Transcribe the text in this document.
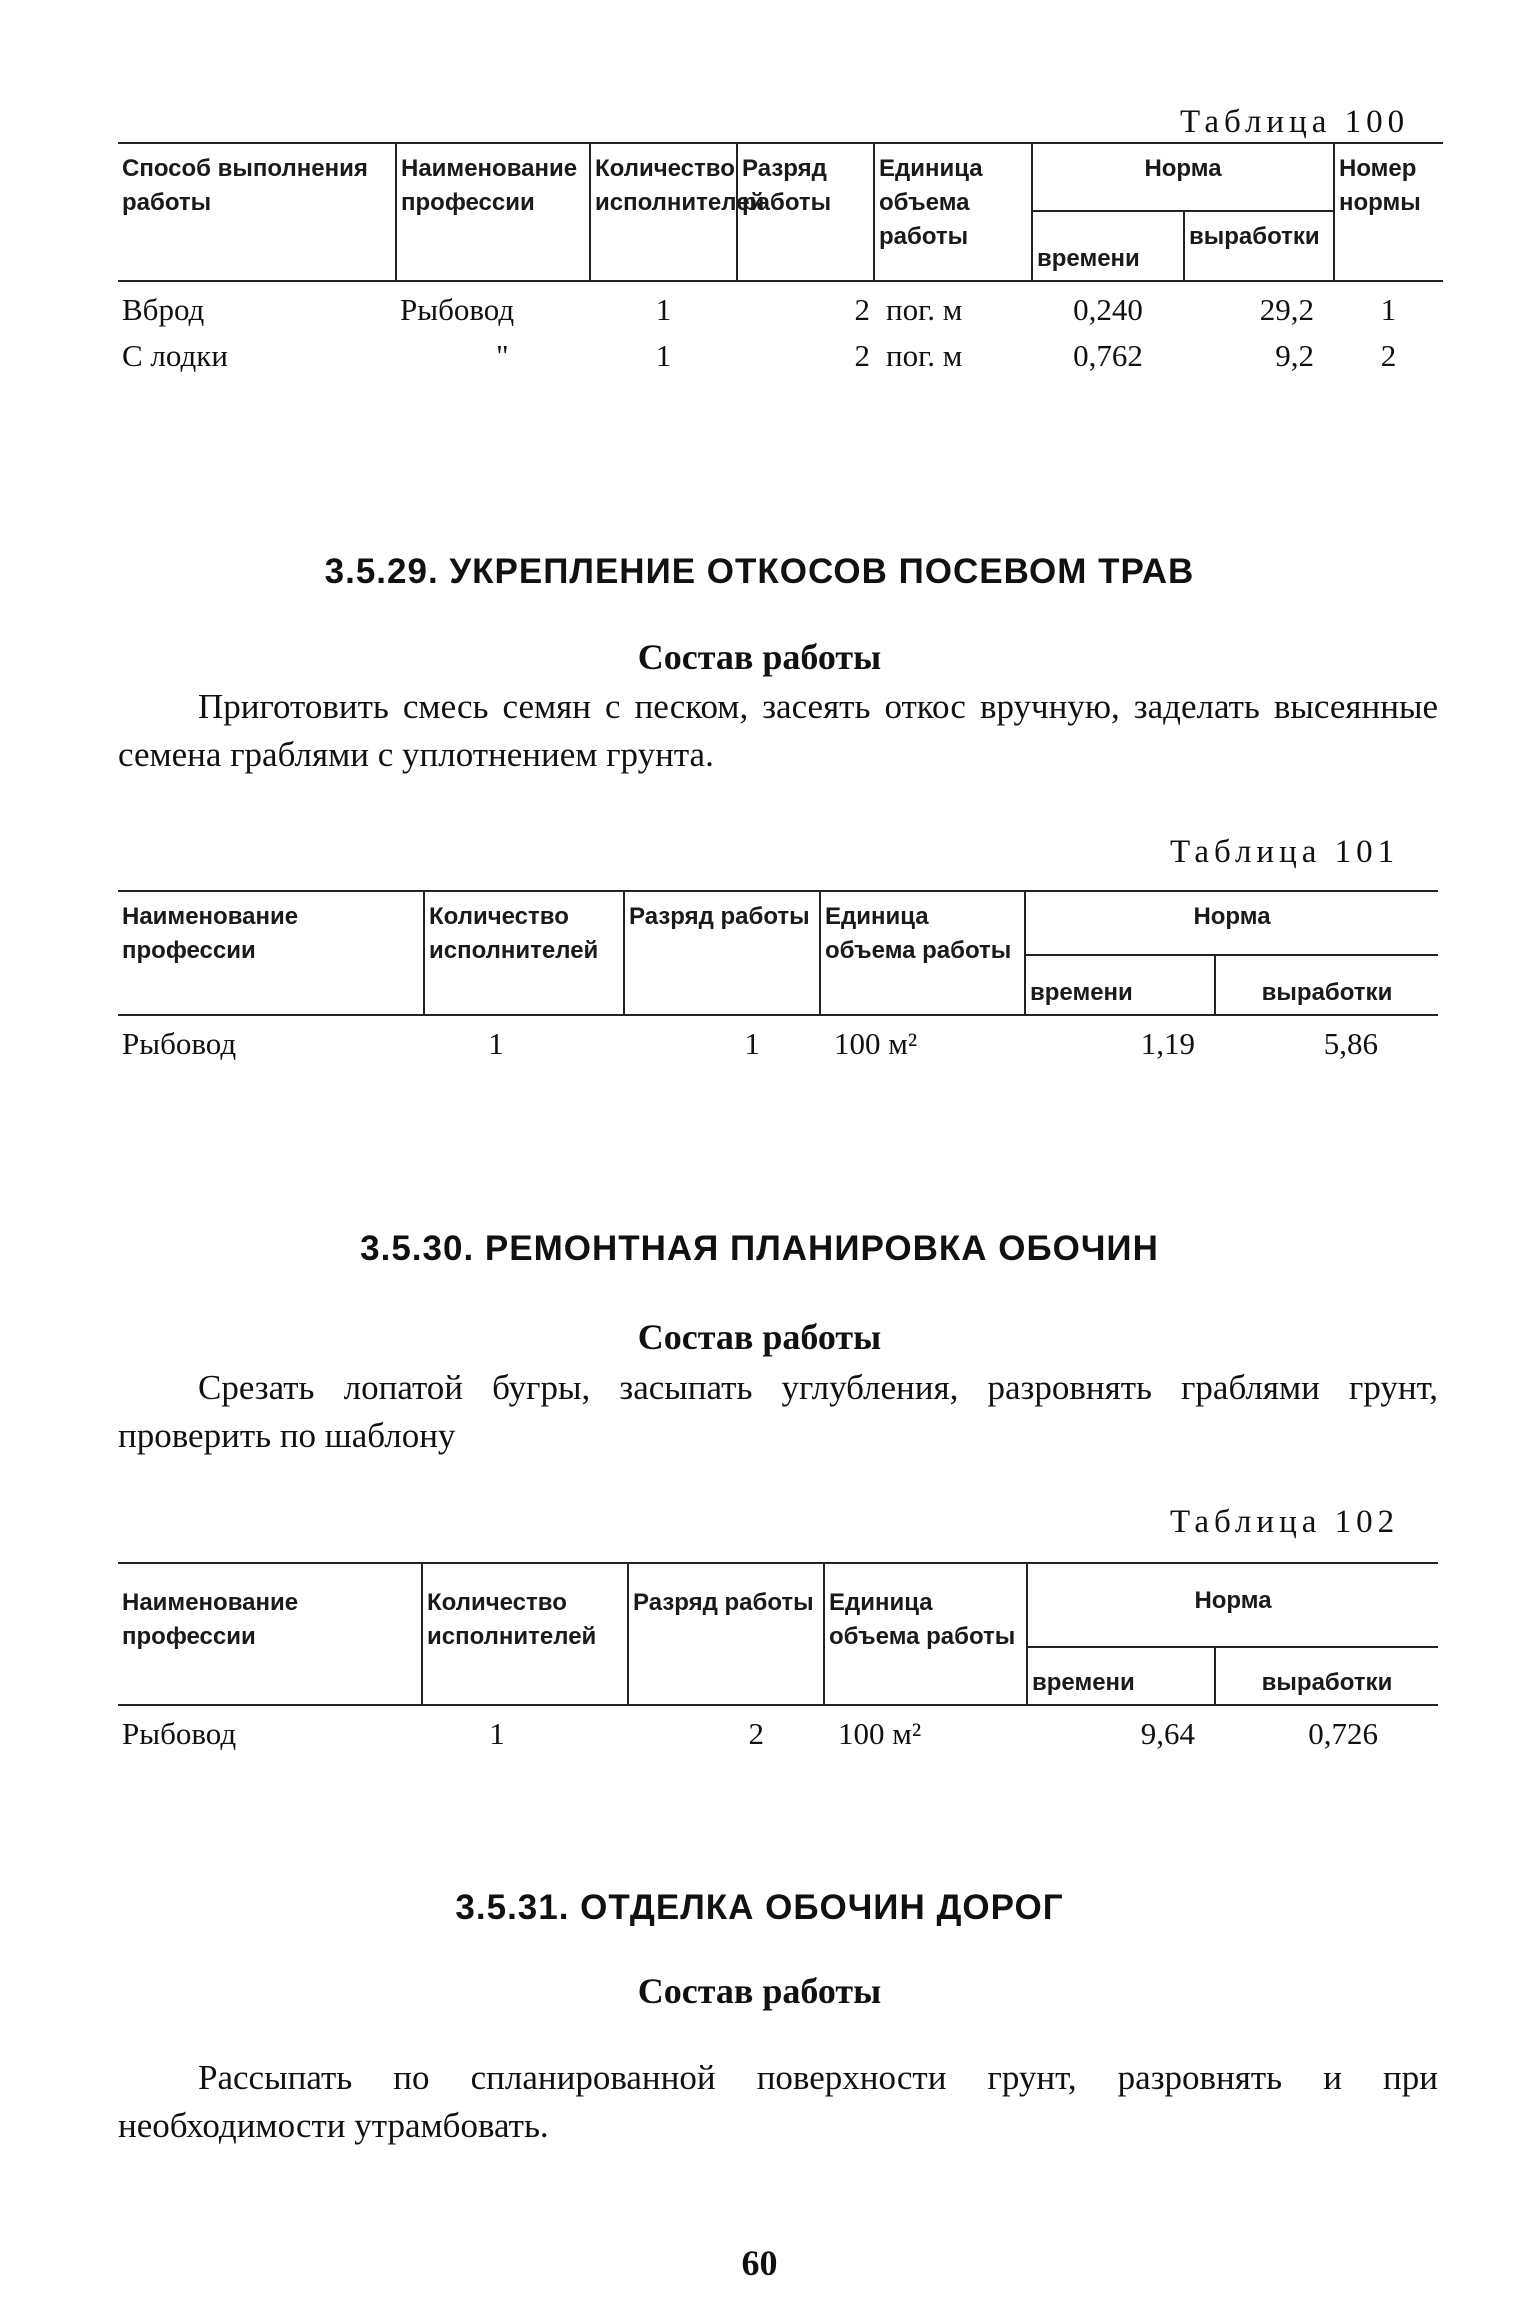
Таблица 100
Способ выполнения работы	Наименование профессии	Количество исполнителей	Разряд работы	Единица объема работы	Норма		Номер нормы
					времени	выработки	
Вброд	Рыбовод	1	2	пог. м	0,240	29,2	1
С лодки	"	1	2	пог. м	0,762	9,2	2
3.5.29. УКРЕПЛЕНИЕ ОТКОСОВ ПОСЕВОМ ТРАВ
Состав работы
Приготовить смесь семян с песком, засеять откос вручную, заделать высеянные семена граблями с уплотнением грунта.
Таблица 101
Наименование профессии	Количество исполнителей	Разряд работы	Единица объема работы	Норма	
				времени	выработки
Рыбовод	1	1	100 м²	1,19	5,86
3.5.30. РЕМОНТНАЯ ПЛАНИРОВКА ОБОЧИН
Состав работы
Срезать лопатой бугры, засыпать углубления, разровнять граблями грунт, проверить по шаблону
Таблица 102
Наименование профессии	Количество исполнителей	Разряд работы	Единица объема работы	Норма	
				времени	выработки
Рыбовод	1	2	100 м²	9,64	0,726
3.5.31. ОТДЕЛКА ОБОЧИН ДОРОГ
Состав работы
Рассыпать по спланированной поверхности грунт, разровнять и при необходимости утрамбовать.
60
